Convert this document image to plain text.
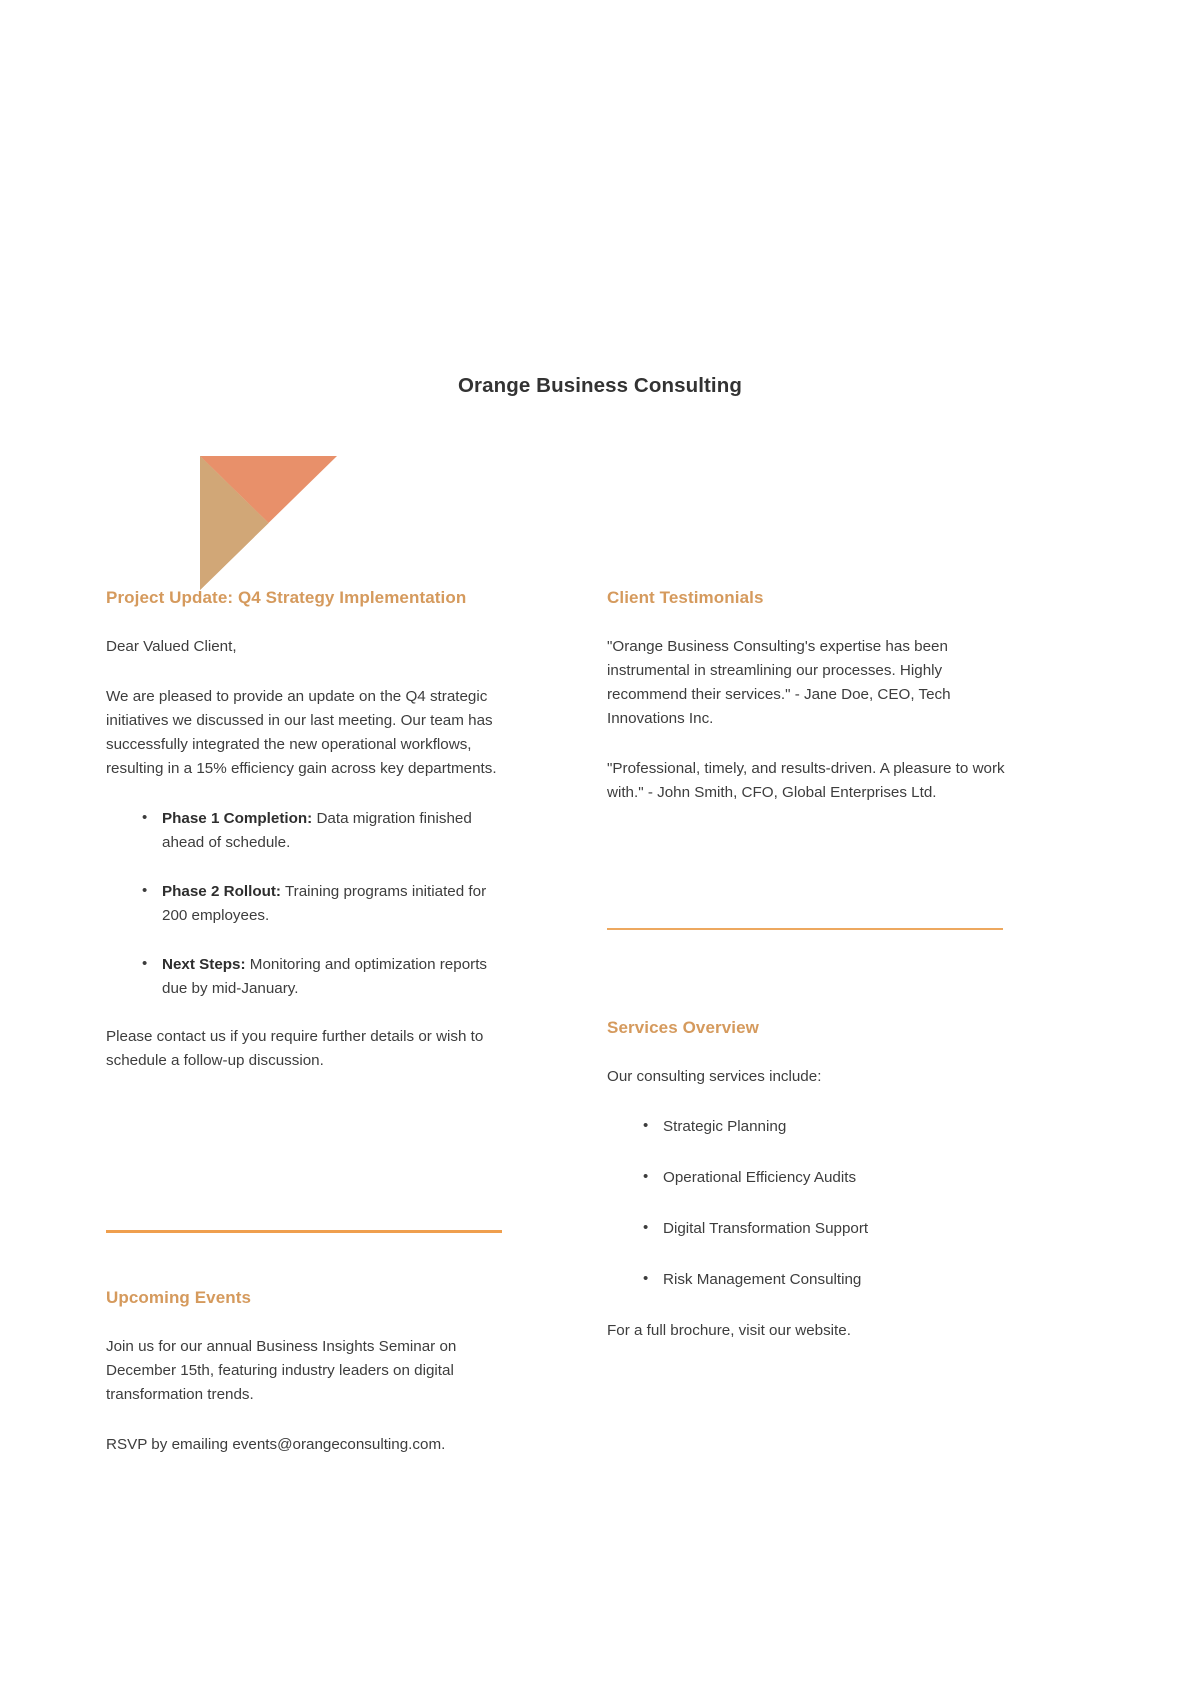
Orange Business Consulting
Project Update: Q4 Strategy Implementation

Dear Valued Client,

We are pleased to provide an update on the Q4 strategic initiatives we discussed in our last meeting. Our team has successfully integrated the new operational workflows, resulting in a 15% efficiency gain across key departments.

• Phase 1 Completion: Data migration finished ahead of schedule.
• Phase 2 Rollout: Training programs initiated for 200 employees.
• Next Steps: Monitoring and optimization reports due by mid-January.

Please contact us if you require further details or wish to schedule a follow-up discussion.

Client Testimonials

"Orange Business Consulting's expertise has been instrumental in streamlining our processes. Highly recommend their services." - Jane Doe, CEO, Tech Innovations Inc.

"Professional, timely, and results-driven. A pleasure to work with." - John Smith, CFO, Global Enterprises Ltd.

Services Overview

Our consulting services include:

• Strategic Planning
• Operational Efficiency Audits
• Digital Transformation Support
• Risk Management Consulting

For a full brochure, visit our website.

Upcoming Events

Join us for our annual Business Insights Seminar on December 15th, featuring industry leaders on digital transformation trends.

RSVP by emailing events@orangeconsulting.com.
